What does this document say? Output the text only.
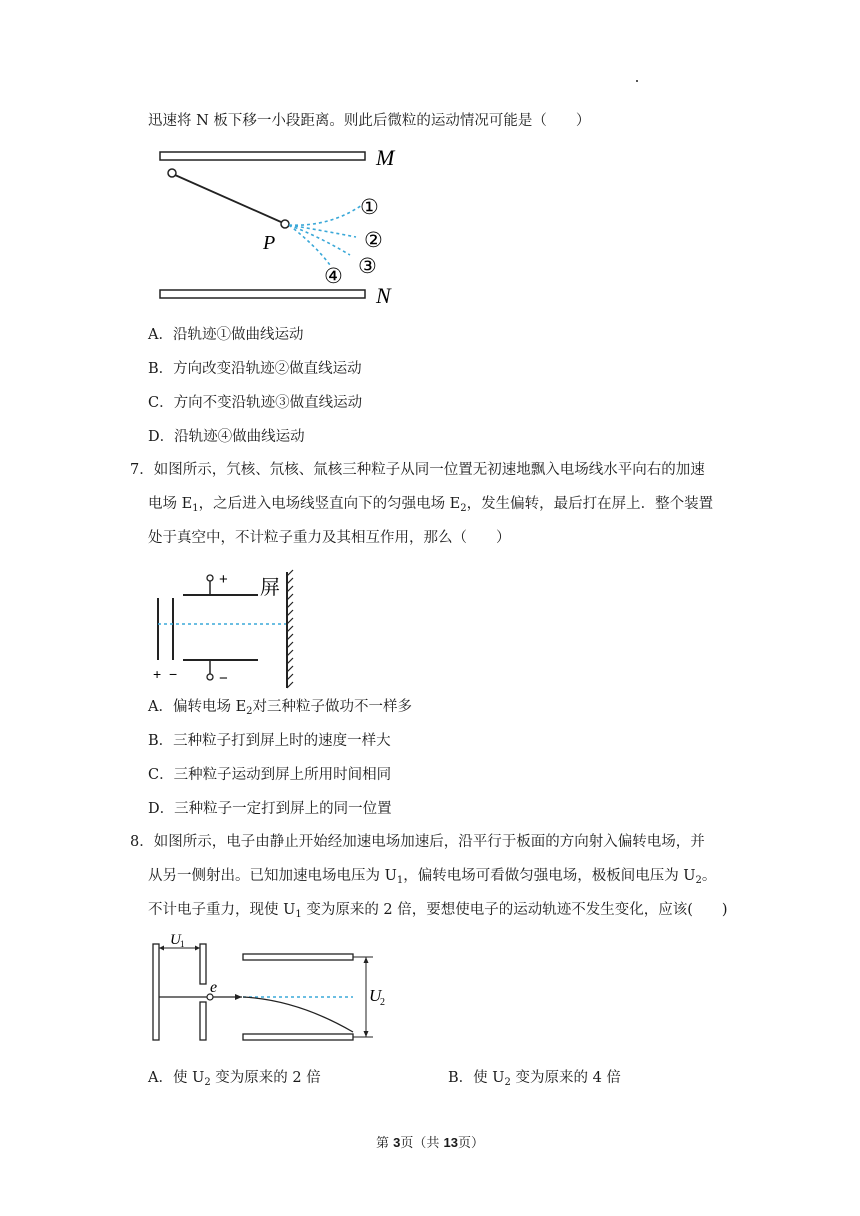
迅速将 N 板下移一小段距离。则此后微粒的运动情况可能是（　　）
M
N
P
①
②
③
④
A．沿轨迹①做曲线运动
B．方向改变沿轨迹②做直线运动
C．方向不变沿轨迹③做直线运动
D．沿轨迹④做曲线运动
7．如图所示，氕核、氘核、氚核三种粒子从同一位置无初速地飘入电场线水平向右的加速
电场 $E_1$，之后进入电场线竖直向下的匀强电场 $E_2$，发生偏转，最后打在屏上．整个装置
处于真空中，不计粒子重力及其相互作用，那么（　　）
+
−
+ −
屏
A．偏转电场 $E_2$对三种粒子做功不一样多
B．三种粒子打到屏上时的速度一样大
C．三种粒子运动到屏上所用时间相同
D．三种粒子一定打到屏上的同一位置
8．如图所示，电子由静止开始经加速电场加速后，沿平行于板面的方向射入偏转电场，并
从另一侧射出。已知加速电场电压为 $U_1$，偏转电场可看做匀强电场，极板间电压为 $U_2$。
不计电子重力，现使 $U_1$ 变为原来的 2 倍，要想使电子的运动轨迹不发生变化，应该(　　)
U 1
e	U
2
A．使 $U_2$ 变为原来的 2 倍	B．使 $U_2$ 变为原来的 4 倍
第 3页（共 13页）
